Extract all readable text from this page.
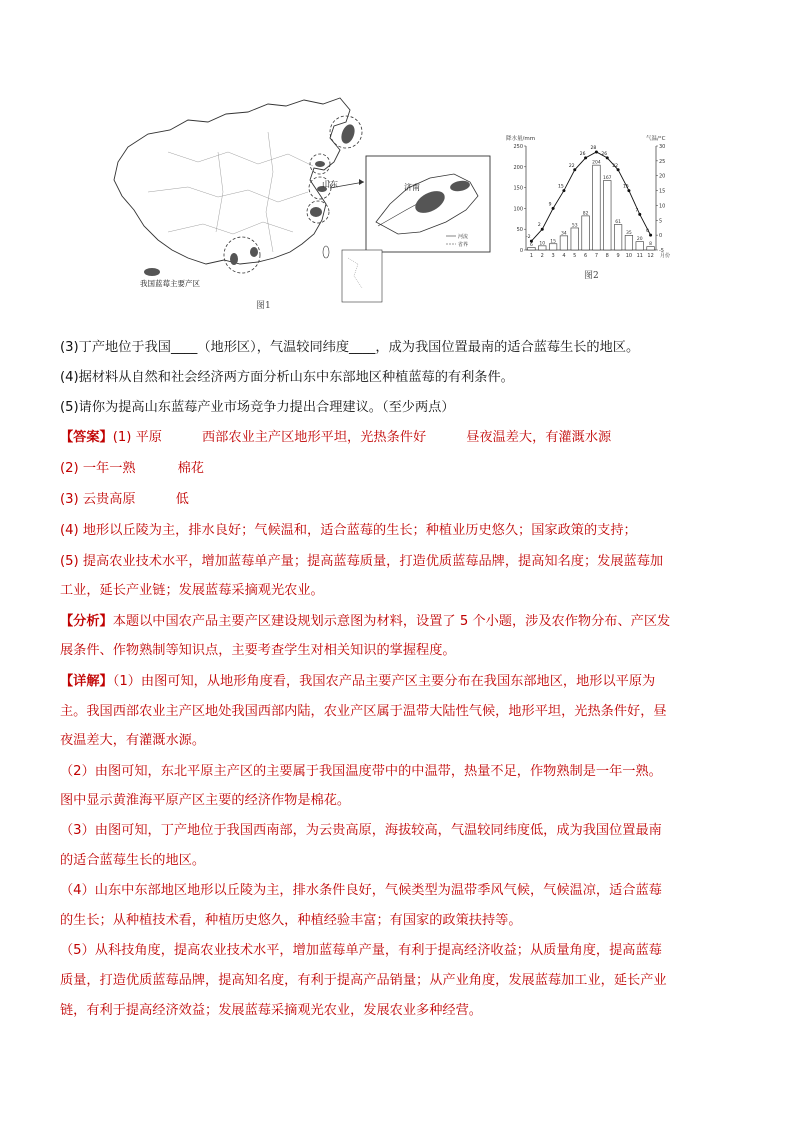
山东	济南
河流
省界
我国蓝莓主要产区
图1
降水量/mm	气温/°C
0
50
100
150
200
250
-5
0
5
10
15
20
25
30
6 10 15
34
53
82
204
167
61
35
20
8
1 2 3 4 5 6 7 8 9 10 11 12 月份
-2
2
9
15
22
26
28
26
22
15
7
0
图2
(3)丁产地位于我国____（地形区），气温较同纬度____，成为我国位置最南的适合蓝莓生长的地区。
(4)据材料从自然和社会经济两方面分析山东中东部地区种植蓝莓的有利条件。
(5)请你为提高山东蓝莓产业市场竞争力提出合理建议。（至少两点）
【答案】(1) 平原	西部农业主产区地形平坦，光热条件好	昼夜温差大，有灌溉水源
(2) 一年一熟	棉花
(3) 云贵高原	低
(4) 地形以丘陵为主，排水良好；气候温和，适合蓝莓的生长；种植业历史悠久；国家政策的支持；
(5) 提高农业技术水平，增加蓝莓单产量；提高蓝莓质量，打造优质蓝莓品牌，提高知名度；发展蓝莓加
工业，延长产业链；发展蓝莓采摘观光农业。
【分析】本题以中国农产品主要产区建设规划示意图为材料，设置了 5 个小题，涉及农作物分布、产区发
展条件、作物熟制等知识点，主要考查学生对相关知识的掌握程度。
【详解】（1）由图可知，从地形角度看，我国农产品主要产区主要分布在我国东部地区，地形以平原为
主。我国西部农业主产区地处我国西部内陆，农业产区属于温带大陆性气候，地形平坦，光热条件好，昼
夜温差大，有灌溉水源。
（2）由图可知，东北平原主产区的主要属于我国温度带中的中温带，热量不足，作物熟制是一年一熟。
图中显示黄淮海平原产区主要的经济作物是棉花。
（3）由图可知，丁产地位于我国西南部，为云贵高原，海拔较高，气温较同纬度低，成为我国位置最南
的适合蓝莓生长的地区。
（4）山东中东部地区地形以丘陵为主，排水条件良好，气候类型为温带季风气候，气候温凉，适合蓝莓
的生长；从种植技术看，种植历史悠久，种植经验丰富；有国家的政策扶持等。
（5）从科技角度，提高农业技术水平，增加蓝莓单产量，有利于提高经济收益；从质量角度，提高蓝莓
质量，打造优质蓝莓品牌，提高知名度，有利于提高产品销量；从产业角度，发展蓝莓加工业，延长产业
链，有利于提高经济效益；发展蓝莓采摘观光农业，发展农业多种经营。
